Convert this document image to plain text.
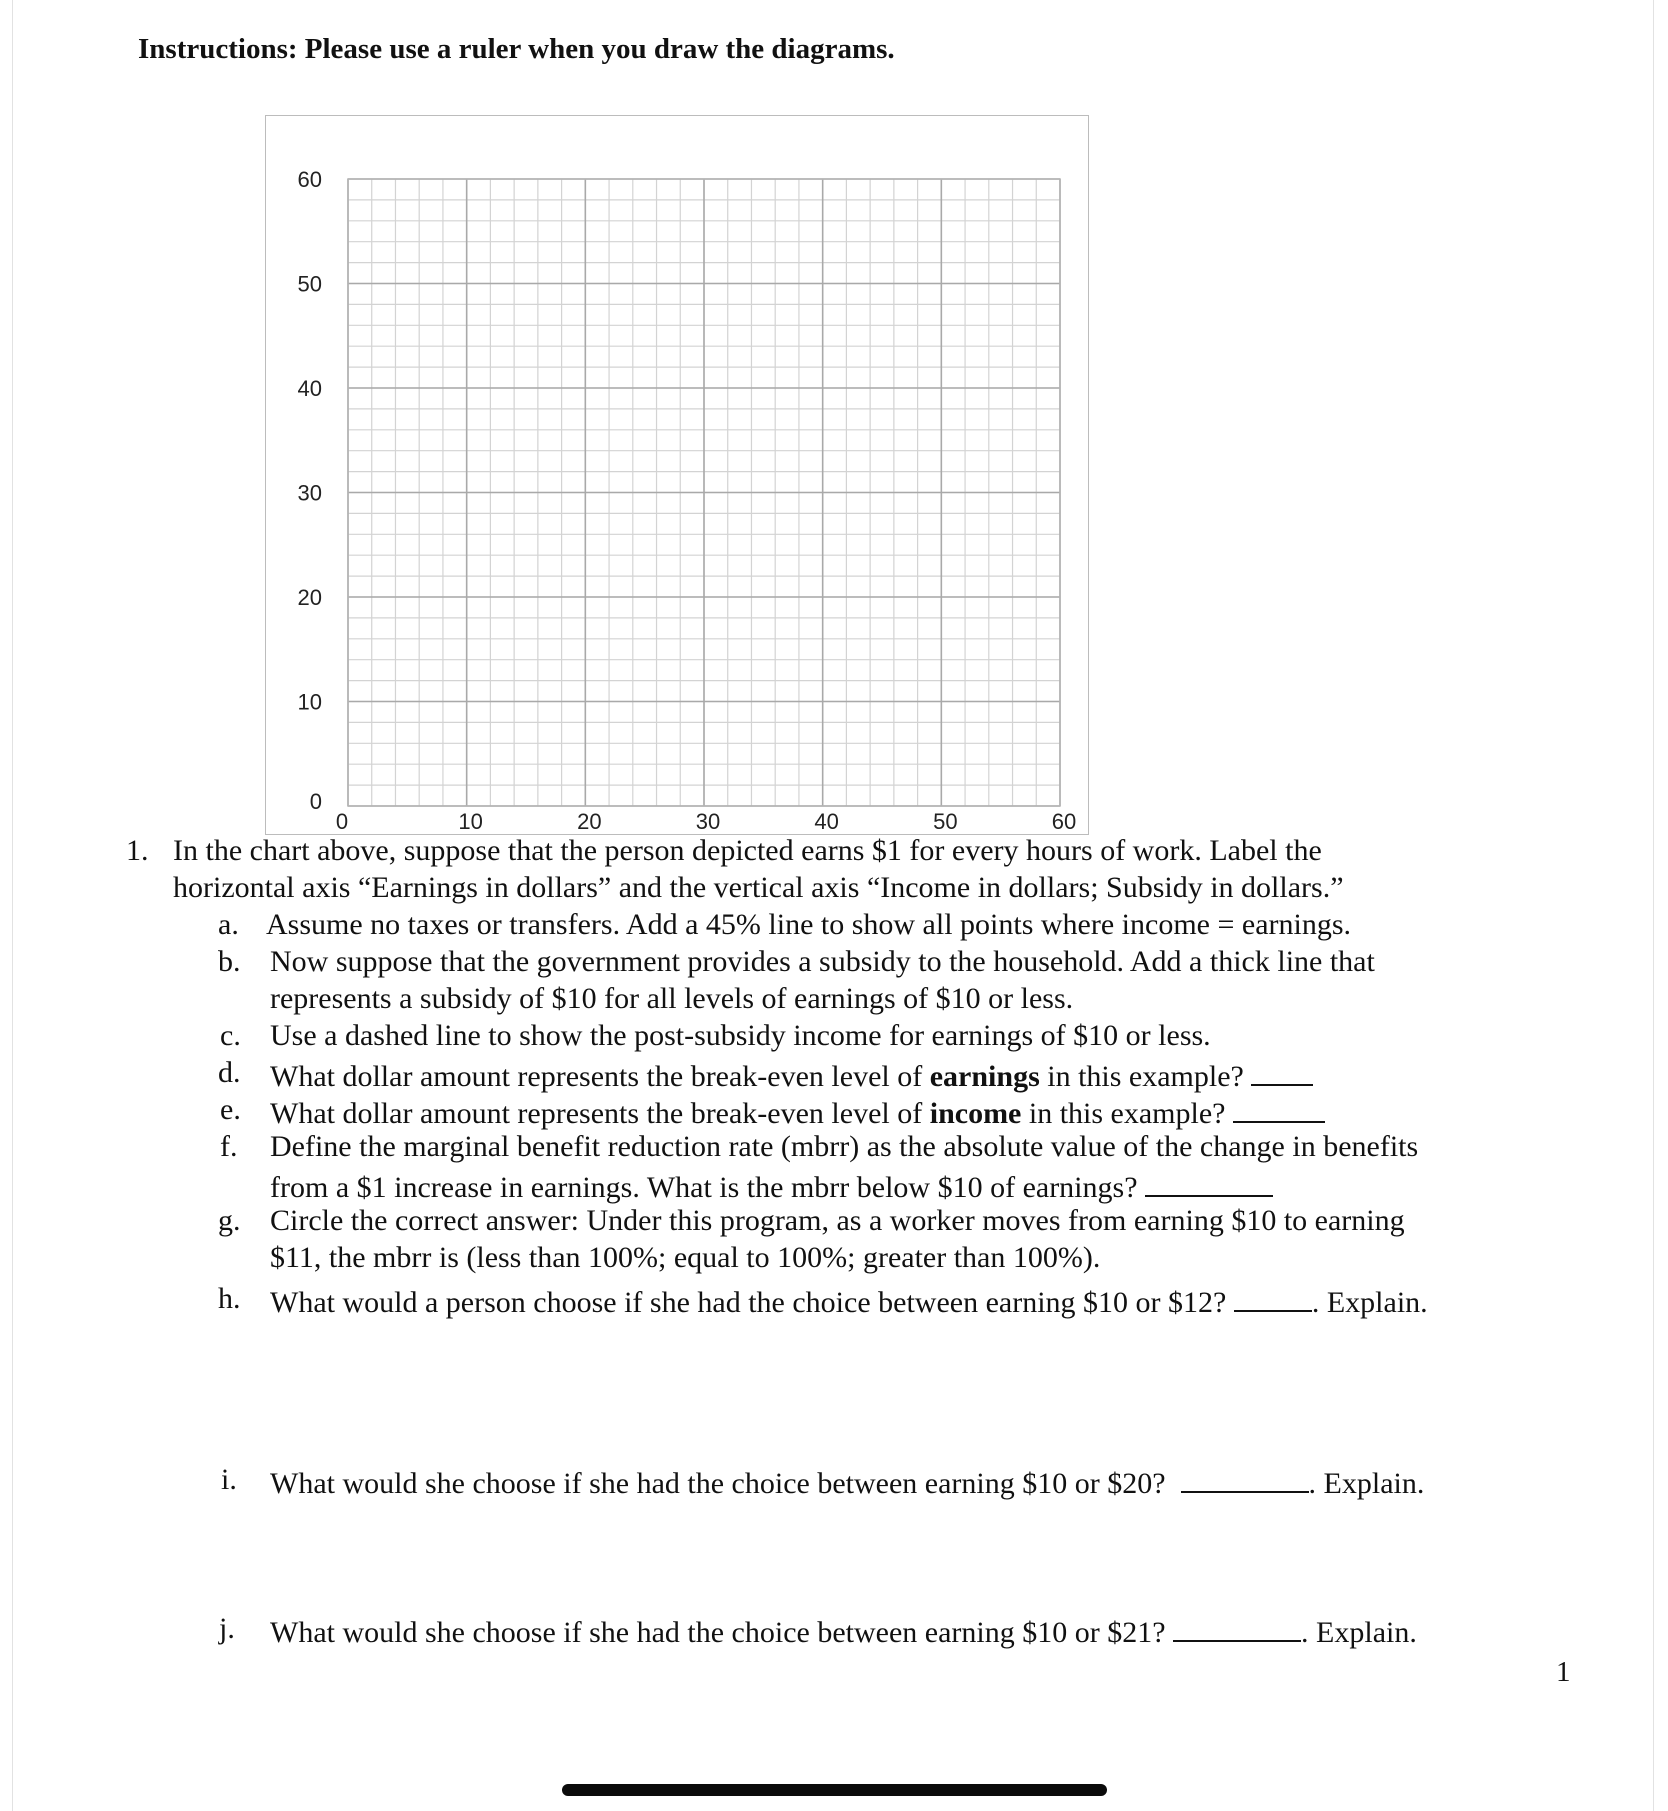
Instructions: Please use a ruler when you draw the diagrams.
0
10
20
30
40
50
60
0	10	20	30	40	50	60
1. In the chart above, suppose that the person depicted earns $1 for every hours of work. Label the
horizontal axis “Earnings in dollars” and the vertical axis “Income in dollars; Subsidy in dollars.”
a. Assume no taxes or transfers. Add a 45% line to show all points where income = earnings.
b. Now suppose that the government provides a subsidy to the household. Add a thick line that
represents a subsidy of $10 for all levels of earnings of $10 or less.
c. Use a dashed line to show the post-subsidy income for earnings of $10 or less.
d. What dollar amount represents the break-even level of earnings in this example?
e. What dollar amount represents the break-even level of income in this example?
f. Define the marginal benefit reduction rate (mbrr) as the absolute value of the change in benefits
from a $1 increase in earnings. What is the mbrr below $10 of earnings?
g. Circle the correct answer: Under this program, as a worker moves from earning $10 to earning
$11, the mbrr is (less than 100%; equal to 100%; greater than 100%).
h. What would a person choose if she had the choice between earning $10 or $12?	. Explain.
i. What would she choose if she had the choice between earning $10 or $20?	. Explain.
j. What would she choose if she had the choice between earning $10 or $21?	. Explain.
1
